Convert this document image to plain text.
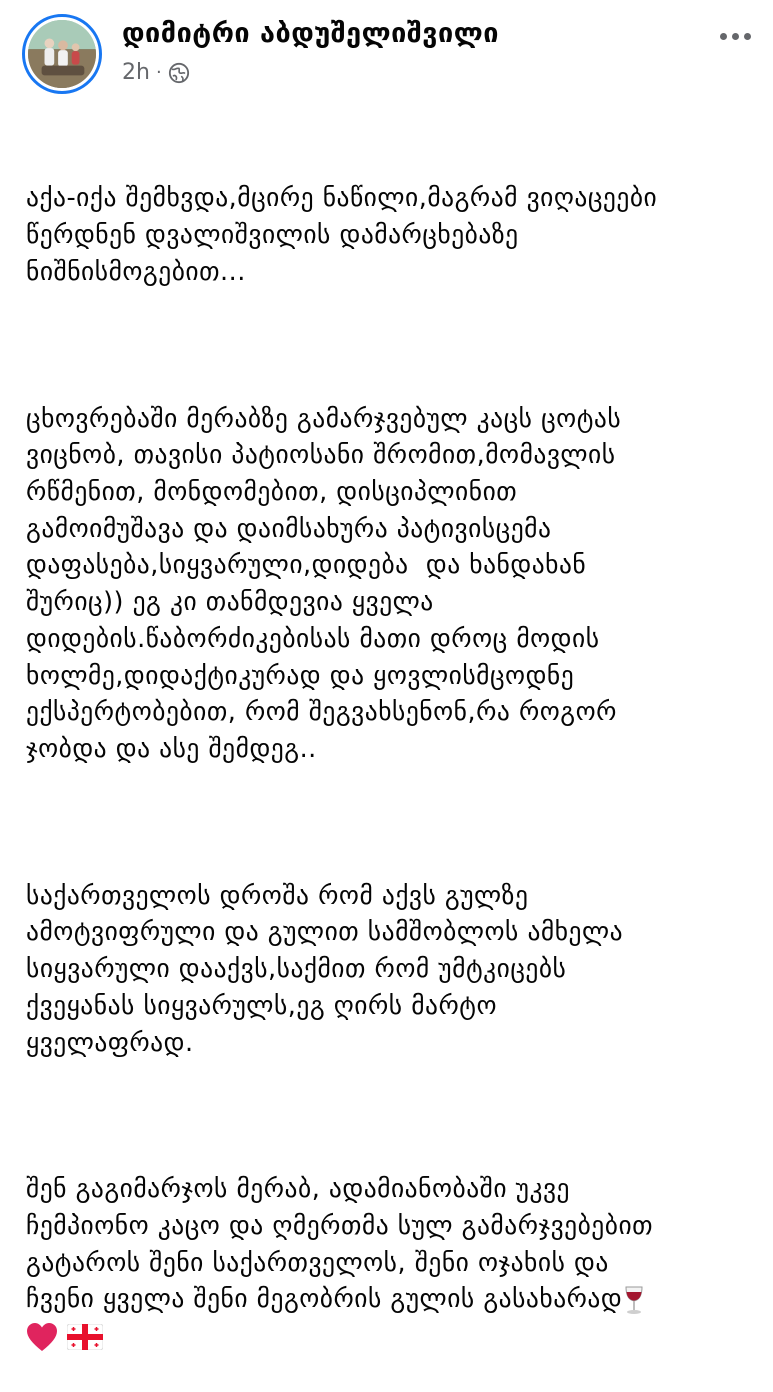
დიმიტრი აბდუშელიშვილი
2h ·

აქა-იქა შემხვდა,მცირე ნაწილი,მაგრამ ვიღაცეები
წერდნენ დვალიშვილის დამარცხებაზე
ნიშნისმოგებით...

ცხოვრებაში მერაბზე გამარჯვებულ კაცს ცოტას
ვიცნობ, თავისი პატიოსანი შრომით,მომავლის
რწმენით, მონდომებით, დისციპლინით
გამოიმუშავა და დაიმსახურა პატივისცემა
დაფასება,სიყვარული,დიდება  და ხანდახან
შურიც)) ეგ კი თანმდევია ყველა
დიდების.წაბორძიკებისას მათი დროც მოდის
ხოლმე,დიდაქტიკურად და ყოვლისმცოდნე
ექსპერტობებით, რომ შეგვახსენონ,რა როგორ
ჯობდა და ასე შემდეგ..

საქართველოს დროშა რომ აქვს გულზე
ამოტვიფრული და გულით სამშობლოს ამხელა
სიყვარული დააქვს,საქმით რომ უმტკიცებს
ქვეყანას სიყვარულს,ეგ ღირს მარტო
ყველაფრად.

შენ გაგიმარჯოს მერაბ, ადამიანობაში უკვე
ჩემპიონო კაცო და ღმერთმა სულ გამარჯვებებით
გატაროს შენი საქართველოს, შენი ოჯახის და
ჩვენი ყველა შენი მეგობრის გულის გასახარად
